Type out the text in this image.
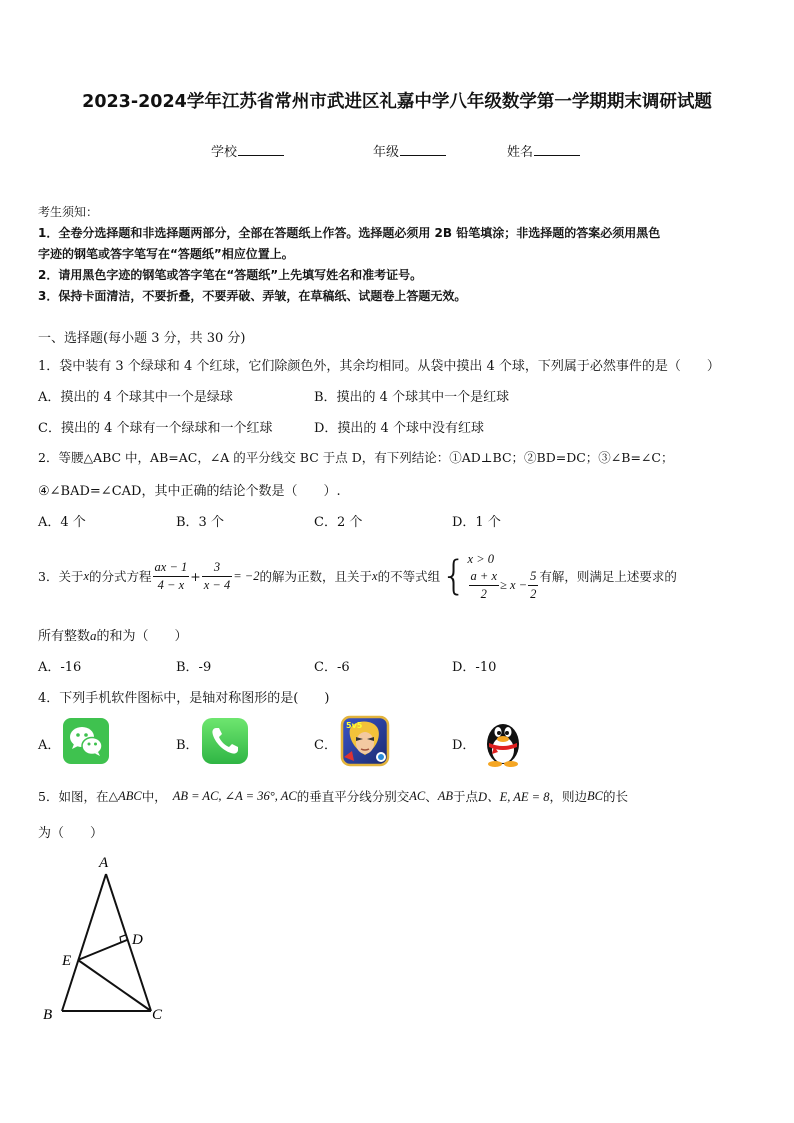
2023-2024学年江苏省常州市武进区礼嘉中学八年级数学第一学期期末调研试题
学校	年级	姓名
考生须知：
1．全卷分选择题和非选择题两部分，全部在答题纸上作答。选择题必须用 2B 铅笔填涂；非选择题的答案必须用黑色
字迹的钢笔或答字笔写在“答题纸”相应位置上。
2．请用黑色字迹的钢笔或答字笔在“答题纸”上先填写姓名和准考证号。
3．保持卡面清洁，不要折叠，不要弄破、弄皱，在草稿纸、试题卷上答题无效。
一、选择题(每小题 3 分，共 30 分)
1．袋中装有 3 个绿球和 4 个红球，它们除颜色外，其余均相同。从袋中摸出 4 个球，下列属于必然事件的是（　　）
A．摸出的 4 个球其中一个是绿球	B．摸出的 4 个球其中一个是红球
C．摸出的 4 个球有一个绿球和一个红球	D．摸出的 4 个球中没有红球
2．等腰△ABC 中，AB=AC，∠A 的平分线交 BC 于点 D，有下列结论：①AD⊥BC；②BD=DC；③∠B=∠C；
④∠BAD=∠CAD，其中正确的结论个数是（　　）.
A．4 个	B．3 个	C．2 个	D．1 个
3．关于 x 的分式方程 $\frac{ax - 1}{4 - x} + \frac{3}{x - 4} = -2$ 的解为正数，且关于 x 的不等式组 { x > 0
$\frac{a + x}{2} \ge x - \frac{5}{2}$ 有解，则满足上述要求的
所有整数a的和为（　　）
A．-16	B．-9	C．-6	D．-10
4．下列手机软件图标中，是轴对称图形的是(　　)
A．	B．	C．	D．
5v5
5．如图，在 △ABC 中， AB = AC, ∠A = 36°, AC 的垂直平分线分别交 AC 、 AB 于点 D、E, AE = 8 ，则边 BC 的长
为（　　）
A
B	C
D
E
